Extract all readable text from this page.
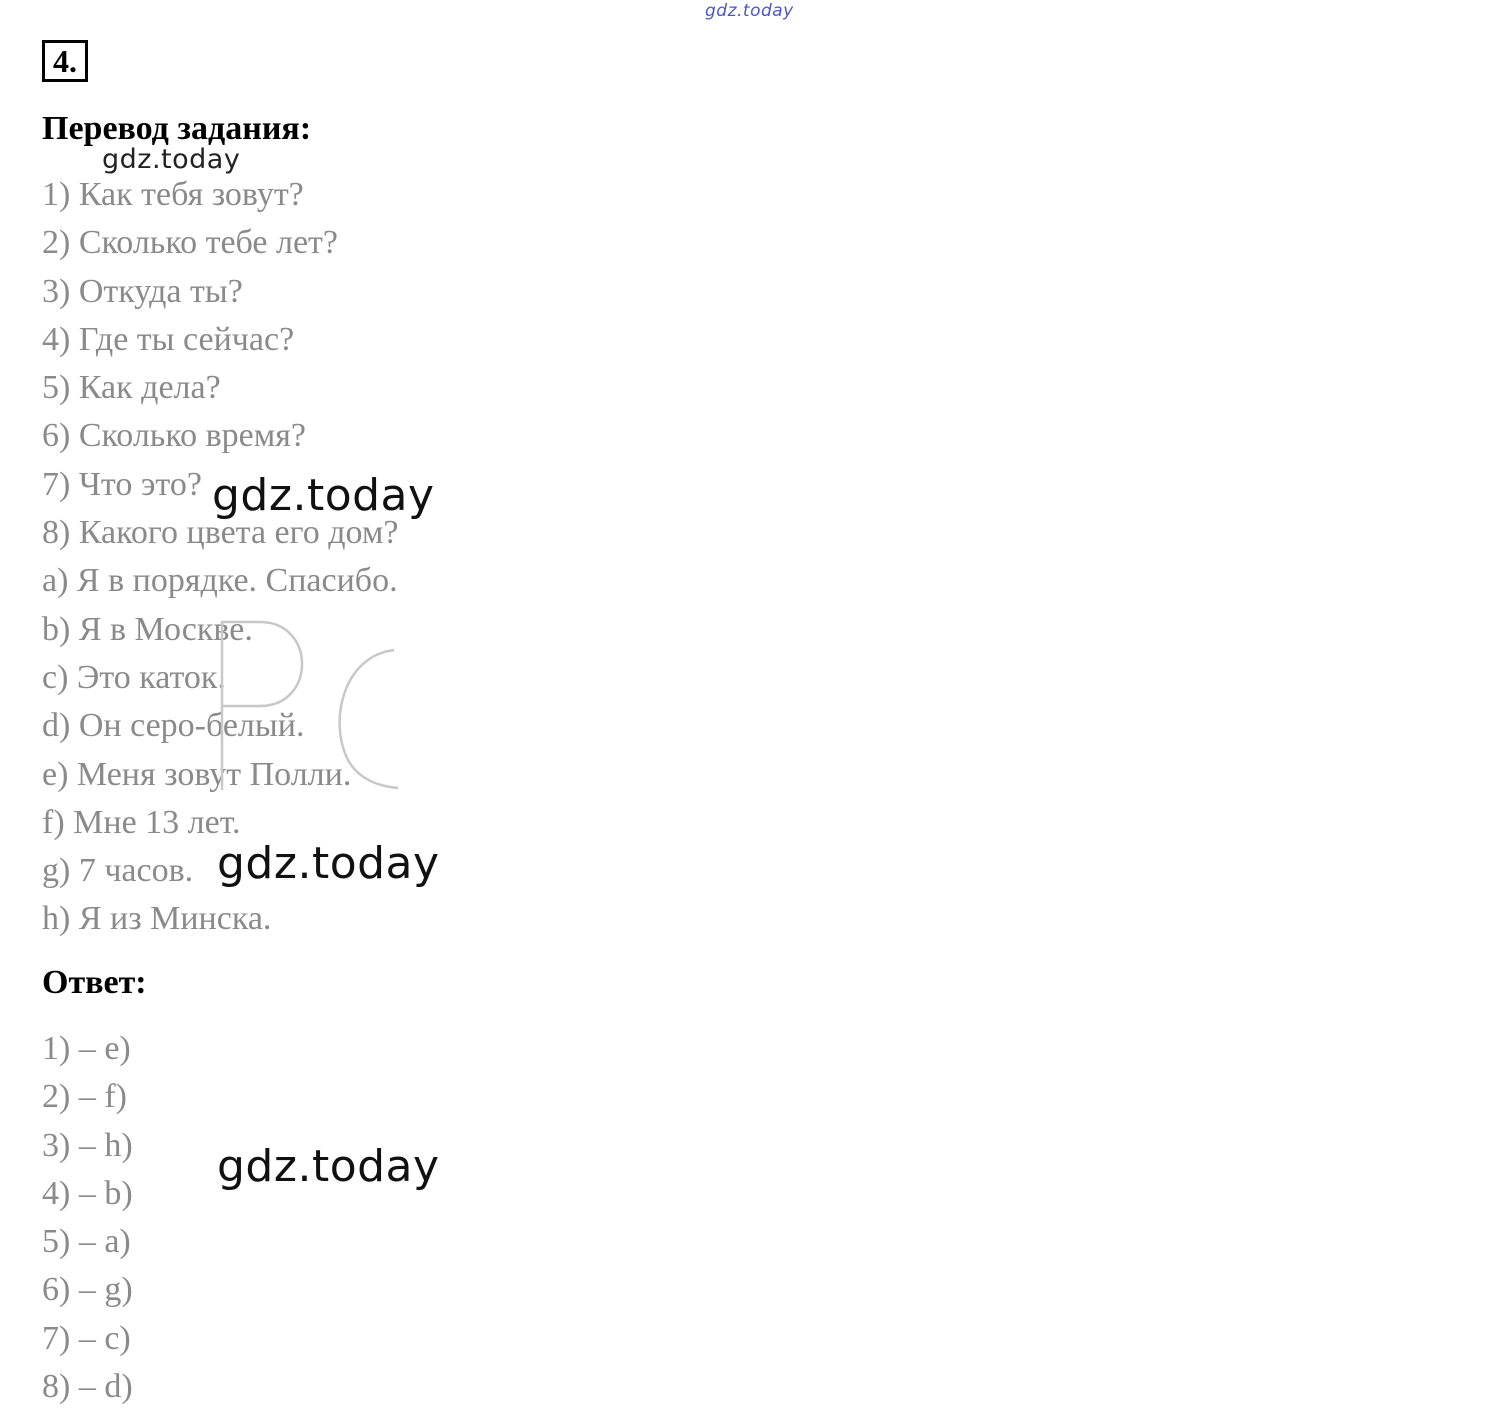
gdz.today
4.
Перевод задания:
gdz.today
1) Как тебя зовут?
2) Сколько тебе лет?
3) Откуда ты?
4) Где ты сейчас?
5) Как дела?
6) Сколько время?
7) Что это?
8) Какого цвета его дом?
a) Я в порядке. Спасибо.
b) Я в Москве.
c) Это каток.
d) Он серо-белый.
e) Меня зовут Полли.
f) Мне 13 лет.
g) 7 часов.
h) Я из Минска.
gdz.today
gdz.today
Ответ:
1) – e)
2) – f)
3) – h)
4) – b)
5) – a)
6) – g)
7) – c)
8) – d)
gdz.today
